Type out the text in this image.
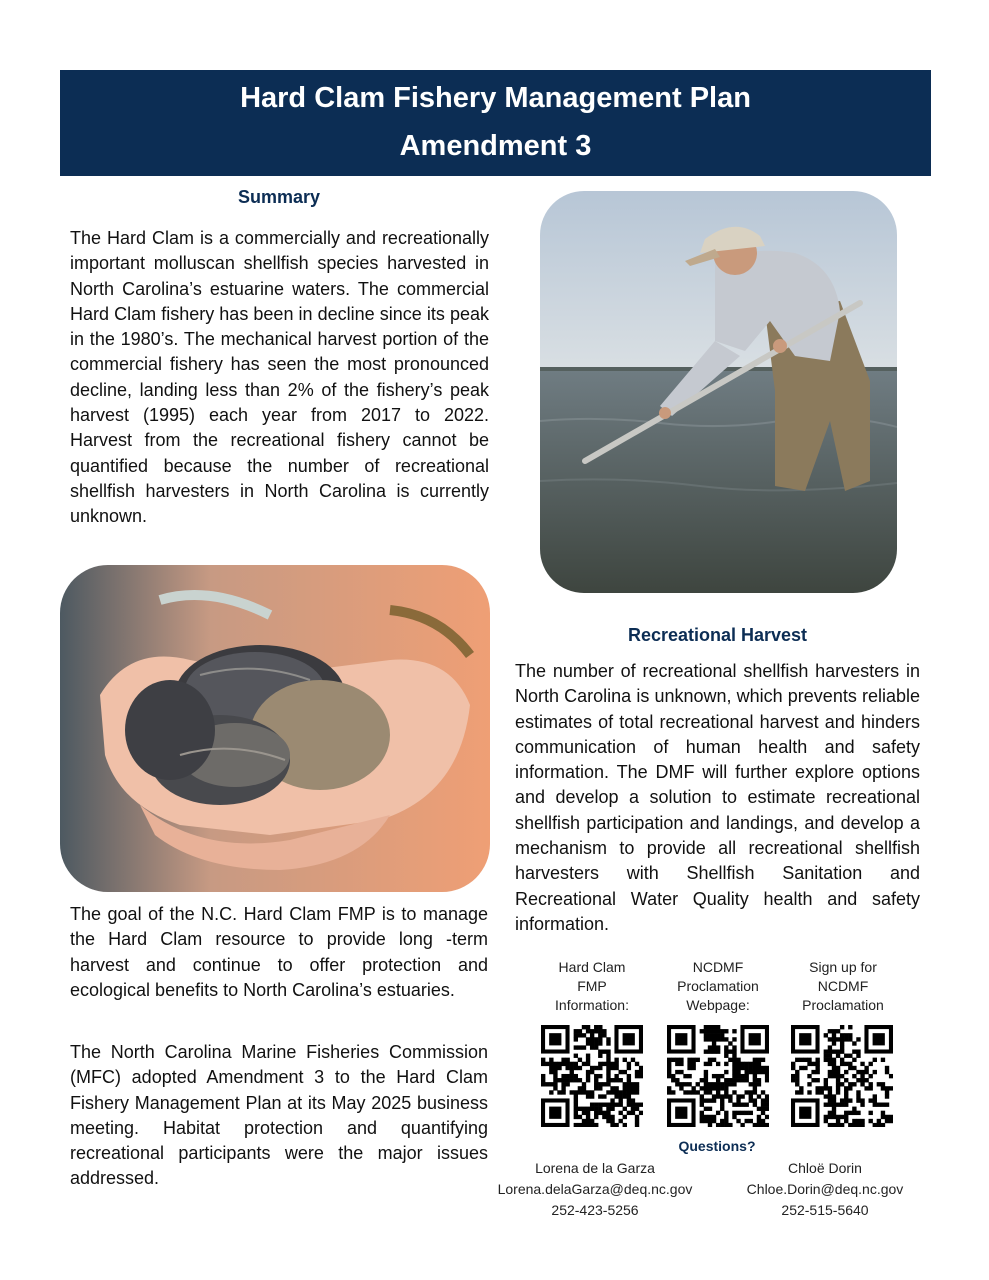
Hard Clam Fishery Management Plan
Amendment 3
Summary
The Hard Clam is a commercially and recreationally important molluscan shellfish species harvested in North Carolina’s estuarine waters. The commercial Hard Clam fishery has been in decline since its peak in the 1980’s. The mechanical harvest portion of the commercial fishery has seen the most pronounced decline, landing less than 2% of the fishery’s peak harvest (1995) each year from 2017 to 2022. Harvest from the recreational fishery cannot be quantified because the number of recreational shellfish harvesters in North Carolina is currently unknown.
The goal of the N.C. Hard Clam FMP is to manage the Hard Clam resource to provide long -term harvest and continue to offer protection and ecological benefits to North Carolina’s estuaries.
The North Carolina Marine Fisheries Commission (MFC) adopted Amendment 3 to the Hard Clam Fishery Management Plan at its May 2025 business meeting. Habitat protection and quantifying recreational participants were the major issues addressed.
Recreational Harvest
The number of recreational shellfish harvesters in North Carolina is unknown, which prevents reliable estimates of total recreational harvest and hinders communication of human health and safety information. The DMF will further explore options and develop a solution to estimate recreational shellfish participation and landings, and develop a mechanism to provide all recreational shellfish harvesters with Shellfish Sanitation and Recreational Water Quality health and safety information.
Hard Clam
FMP
Information:
NCDMF
Proclamation
Webpage:
Sign up for
NCDMF
Proclamation
Questions?
Lorena de la Garza
Lorena.delaGarza@deq.nc.gov
252-423-5256
Chloë Dorin
Chloe.Dorin@deq.nc.gov
252-515-5640
